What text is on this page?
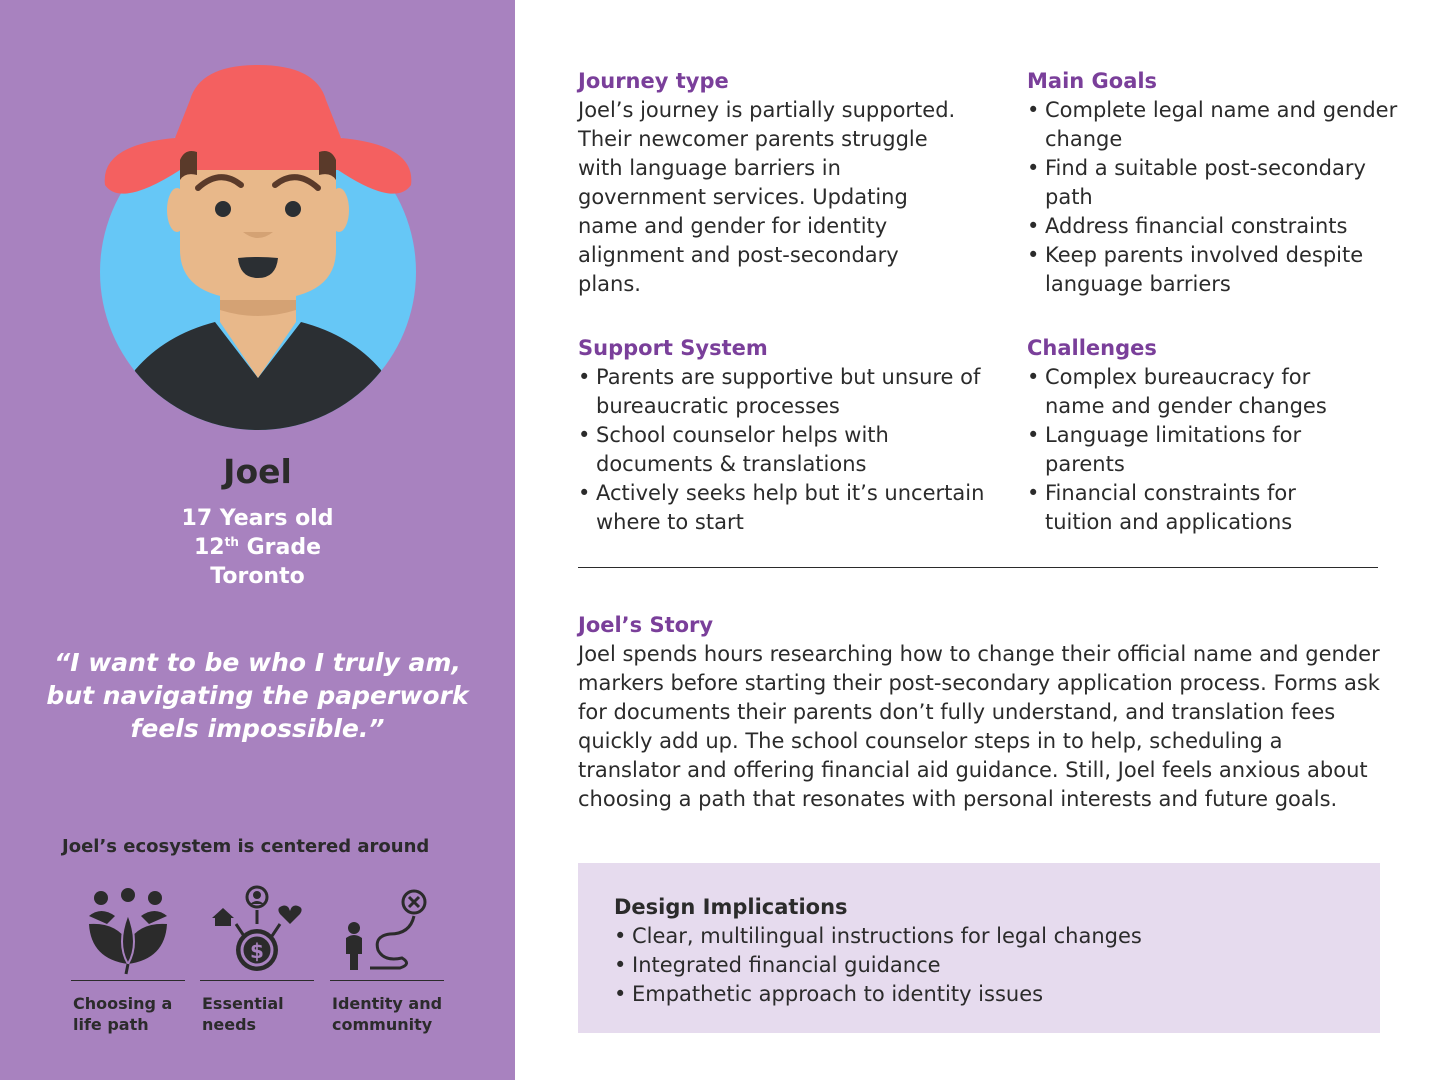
Joel
17 Years old
12th Grade
Toronto
“I want to be who I truly am, but navigating the paperwork feels impossible.”
Joel’s ecosystem is centered around
Choosing a life path
$
Essential needs
Identity and community
Journey type

Joel’s journey is partially supported. Their newcomer parents struggle with language barriers in government services. Updating name and gender for identity alignment and post-secondary plans.

Main Goals
• Complete legal name and gender change
• Find a suitable post-secondary path
• Address financial constraints
• Keep parents involved despite language barriers
Support System
• Parents are supportive but unsure of bureaucratic processes
• School counselor helps with documents & translations
• Actively seeks help but it’s uncertain where to start
Challenges
• Complex bureaucracy for name and gender changes
• Language limitations for parents
• Financial constraints for tuition and applications
Joel’s Story

Joel spends hours researching how to change their official name and gender markers before starting their post-secondary application process. Forms ask for documents their parents don’t fully understand, and translation fees quickly add up. The school counselor steps in to help, scheduling a translator and offering financial aid guidance. Still, Joel feels anxious about choosing a path that resonates with personal interests and future goals.

Design Implications
• Clear, multilingual instructions for legal changes
• Integrated financial guidance
• Empathetic approach to identity issues
